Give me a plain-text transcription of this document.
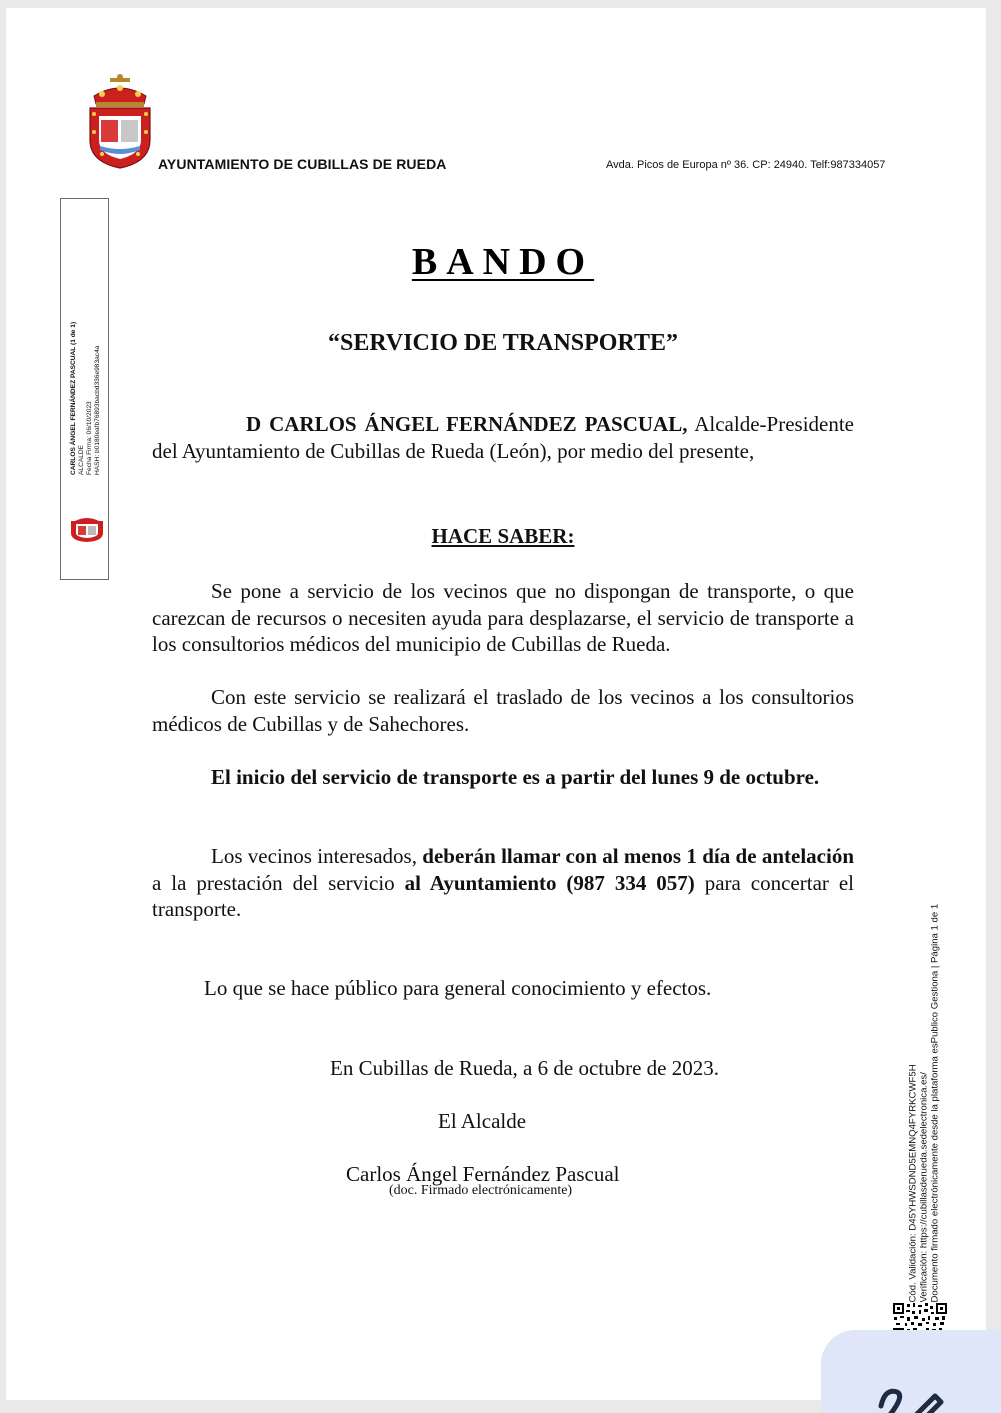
AYUNTAMIENTO DE CUBILLAS DE RUEDA	Avda. Picos de Europa nº 36. CP: 24940. Telf:987334057
CARLOS ÁNGEL FERNÁNDEZ PASCUAL (1 de 1) ALCALDE Fecha Firma: 06/10/2023 HASH: b0180eafb76893bacbd336e983ac4a
BANDO
“SERVICIO DE TRANSPORTE”
D CARLOS ÁNGEL FERNÁNDEZ PASCUAL, Alcalde-Presidente del Ayuntamiento de Cubillas de Rueda (León), por medio del presente,
HACE SABER:
Se pone a servicio de los vecinos que no dispongan de transporte, o que carezcan de recursos o necesiten ayuda para desplazarse, el servicio de transporte a los consultorios médicos del municipio de Cubillas de Rueda.
Con este servicio se realizará el traslado de los vecinos a los consultorios médicos de Cubillas y de Sahechores.
El inicio del servicio de transporte es a partir del lunes 9 de octubre.
Los vecinos interesados, deberán llamar con al menos 1 día de antelación a la prestación del servicio al Ayuntamiento (987 334 057) para concertar el transporte.
Lo que se hace público para general conocimiento y efectos.
En Cubillas de Rueda, a 6 de octubre de 2023.
El Alcalde
Carlos Ángel Fernández Pascual
(doc. Firmado electrónicamente)	Cód. Validación: D45YHWSDND5EMNQ4FYRKCWF5H Verificación: https://cubillasderueda.sedelectronica.es/ Documento firmado electrónicamente desde la plataforma esPublico Gestiona | Página 1 de 1
